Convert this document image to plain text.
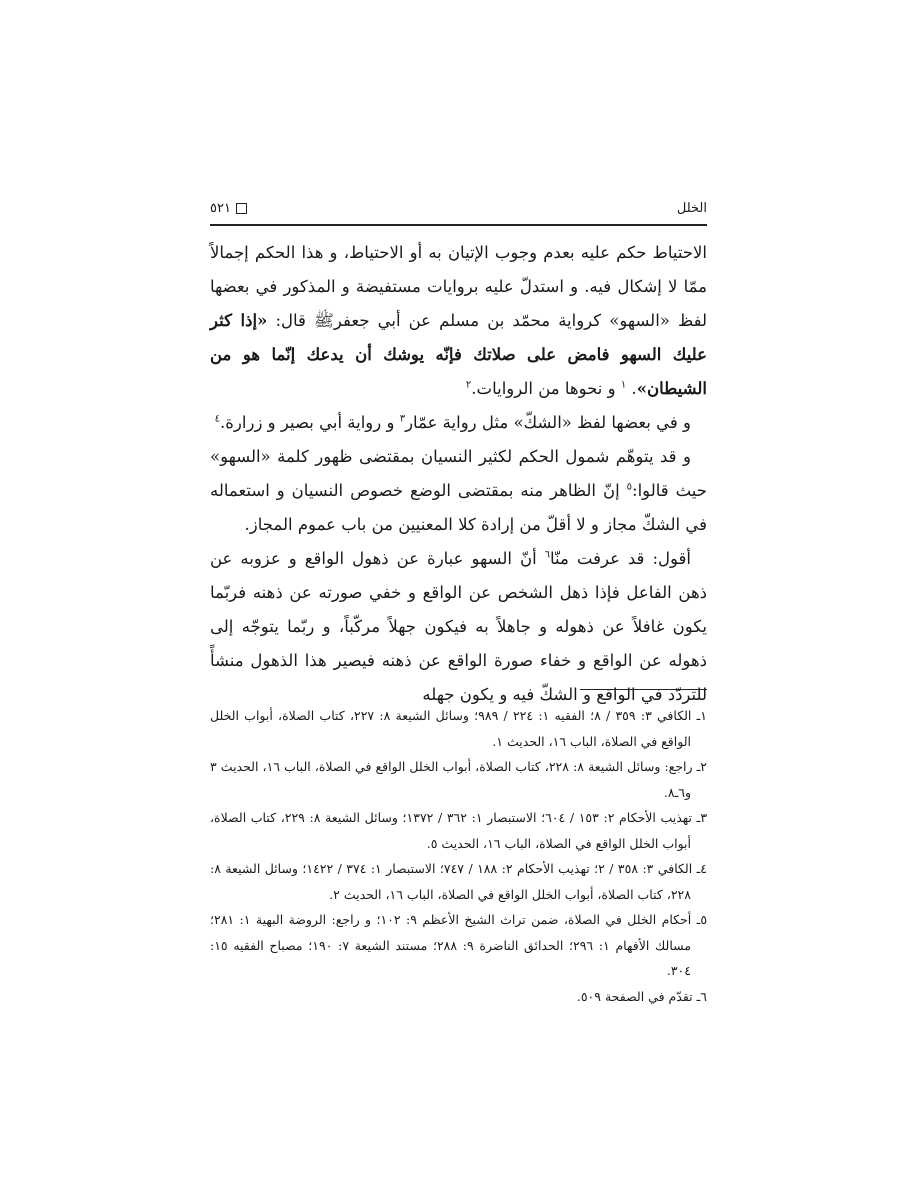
الخلل
٥٢١

الاحتياط حكم عليه بعدم وجوب الإتيان به أو الاحتياط، و هذا الحكم إجمالاً ممّا لا إشكال فيه. و استدلّ عليه بروايات مستفيضة و المذكور في بعضها لفظ «السهو» كرواية محمّد بن مسلم عن أبي جعفرﷺ قال: «إذا كثر عليك السهو فامض على صلاتك فإنّه يوشك أن يدعك إنّما هو من الشيطان». $^١$ و نحوها من الروايات.$^٢$

و في بعضها لفظ «الشكّ» مثل رواية عمّار$^٣$ و رواية أبي بصير و زرارة.$^٤$

و قد يتوهّم شمول الحكم لكثير النسيان بمقتضى ظهور كلمة «السهو» حيث قالوا:$^٥$ إنّ الظاهر منه بمقتضى الوضع خصوص النسيان و استعماله في الشكّ مجاز و لا أقلّ من إرادة كلا المعنيين من باب عموم المجاز.

أقول: قد عرفت منّا$^٦$ أنّ السهو عبارة عن ذهول الواقع و عزوبه عن ذهن الفاعل فإذا ذهل الشخص عن الواقع و خفي صورته عن ذهنه فربّما يكون غافلاً عن ذهوله و جاهلاً به فيكون جهلاً مركّباً، و ربّما يتوجّه إلى ذهوله عن الواقع و خفاء صورة الواقع عن ذهنه فيصير هذا الذهول منشأً للتردّد في الواقع و الشكّ فيه و يكون جهله

١ـ الكافي ٣: ٣٥٩ / ٨؛ الفقيه ١: ٢٢٤ / ٩٨٩؛ وسائل الشيعة ٨: ٢٢٧، كتاب الصلاة، أبواب الخلل الواقع في الصلاة، الباب ١٦، الحديث ١.

٢ـ راجع: وسائل الشيعة ٨: ٢٢٨، كتاب الصلاة، أبواب الخلل الواقع في الصلاة، الباب ١٦، الحديث ٣ و٦ـ٨.

٣ـ تهذيب الأحكام ٢: ١٥٣ / ٦٠٤؛ الاستبصار ١: ٣٦٢ / ١٣٧٢؛ وسائل الشيعة ٨: ٢٢٩، كتاب الصلاة، أبواب الخلل الواقع في الصلاة، الباب ١٦، الحديث ٥.

٤ـ الكافي ٣: ٣٥٨ / ٢؛ تهذيب الأحكام ٢: ١٨٨ / ٧٤٧؛ الاستبصار ١: ٣٧٤ / ١٤٢٢؛ وسائل الشيعة ٨: ٢٢٨، كتاب الصلاة، أبواب الخلل الواقع في الصلاة، الباب ١٦، الحديث ٢.

٥ـ أحكام الخلل في الصلاة، ضمن تراث الشيخ الأعظم ٩: ١٠٢؛ و راجع: الروضة البهية ١: ٢٨١؛ مسالك الأفهام ١: ٢٩٦؛ الحدائق الناضرة ٩: ٢٨٨؛ مستند الشيعة ٧: ١٩٠؛ مصباح الفقيه ١٥: ٣٠٤.

٦ـ تقدّم في الصفحة ٥٠٩.
